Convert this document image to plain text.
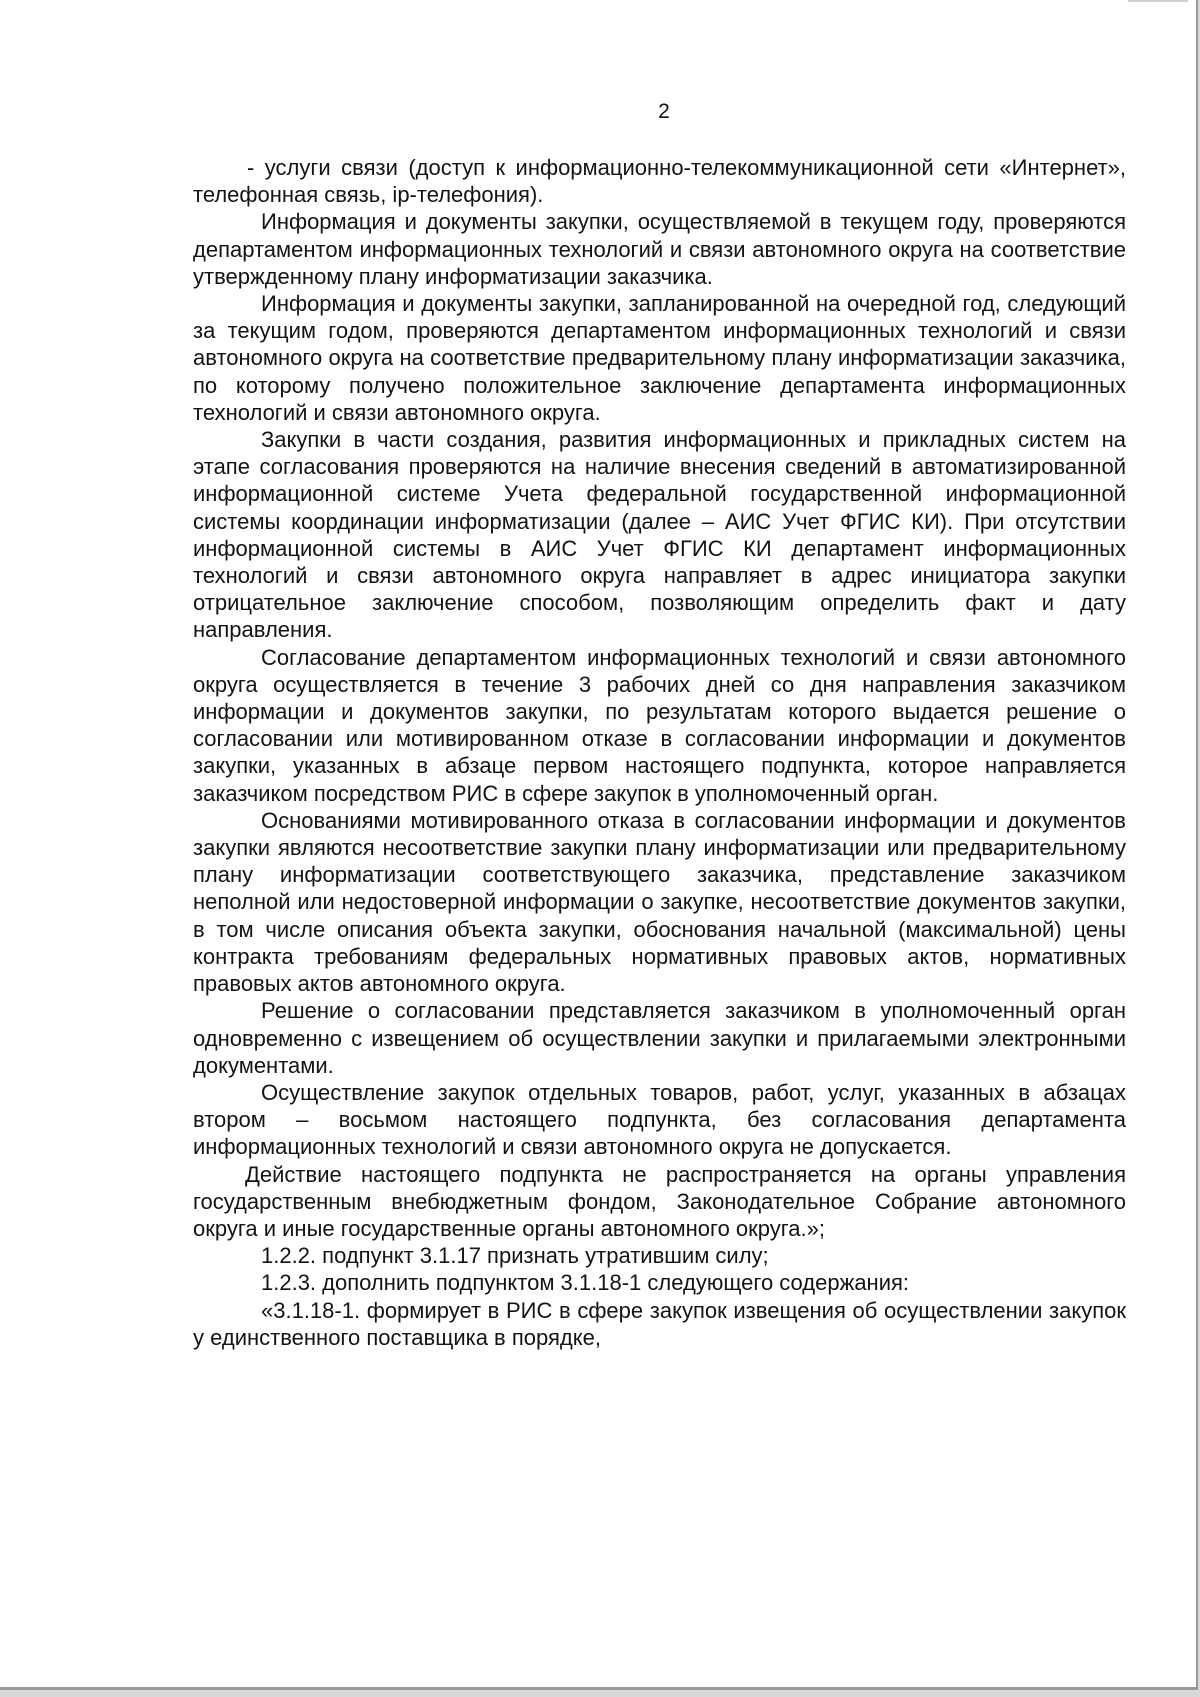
2

- услуги связи (доступ к информационно-телекоммуникационной сети «Интернет», телефонная связь, ip-телефония).

Информация и документы закупки, осуществляемой в текущем году, проверяются департаментом информационных технологий и связи автономного округа на соответствие утвержденному плану информатизации заказчика.

Информация и документы закупки, запланированной на очередной год, следующий за текущим годом, проверяются департаментом информационных технологий и связи автономного округа на соответствие предварительному плану информатизации заказчика, по которому получено положительное заключение департамента информационных технологий и связи автономного округа.

Закупки в части создания, развития информационных и прикладных систем на этапе согласования проверяются на наличие внесения сведений в автоматизированной информационной системе Учета федеральной государственной информационной системы координации информатизации (далее – АИС Учет ФГИС КИ). При отсутствии информационной системы в АИС Учет ФГИС КИ департамент информационных технологий и связи автономного округа направляет в адрес инициатора закупки отрицательное заключение способом, позволяющим определить факт и дату направления.

Согласование департаментом информационных технологий и связи автономного округа осуществляется в течение 3 рабочих дней со дня направления заказчиком информации и документов закупки, по результатам которого выдается решение о согласовании или мотивированном отказе в согласовании информации и документов закупки, указанных в абзаце первом настоящего подпункта, которое направляется заказчиком посредством РИС в сфере закупок в уполномоченный орган.

Основаниями мотивированного отказа в согласовании информации и документов закупки являются несоответствие закупки плану информатизации или предварительному плану информатизации соответствующего заказчика, представление заказчиком неполной или недостоверной информации о закупке, несоответствие документов закупки, в том числе описания объекта закупки, обоснования начальной (максимальной) цены контракта требованиям федеральных нормативных правовых актов, нормативных правовых актов автономного округа.

Решение о согласовании представляется заказчиком в уполномоченный орган одновременно с извещением об осуществлении закупки и прилагаемыми электронными документами.

Осуществление закупок отдельных товаров, работ, услуг, указанных в абзацах втором – восьмом настоящего подпункта, без согласования департамента информационных технологий и связи автономного округа не допускается.

Действие настоящего подпункта не распространяется на органы управления государственным внебюджетным фондом, Законодательное Собрание автономного округа и иные государственные органы автономного округа.»;

1.2.2. подпункт 3.1.17 признать утратившим силу;

1.2.3. дополнить подпунктом 3.1.18-1 следующего содержания:

«3.1.18-1. формирует в РИС в сфере закупок извещения об осуществлении закупок у единственного поставщика в порядке,
